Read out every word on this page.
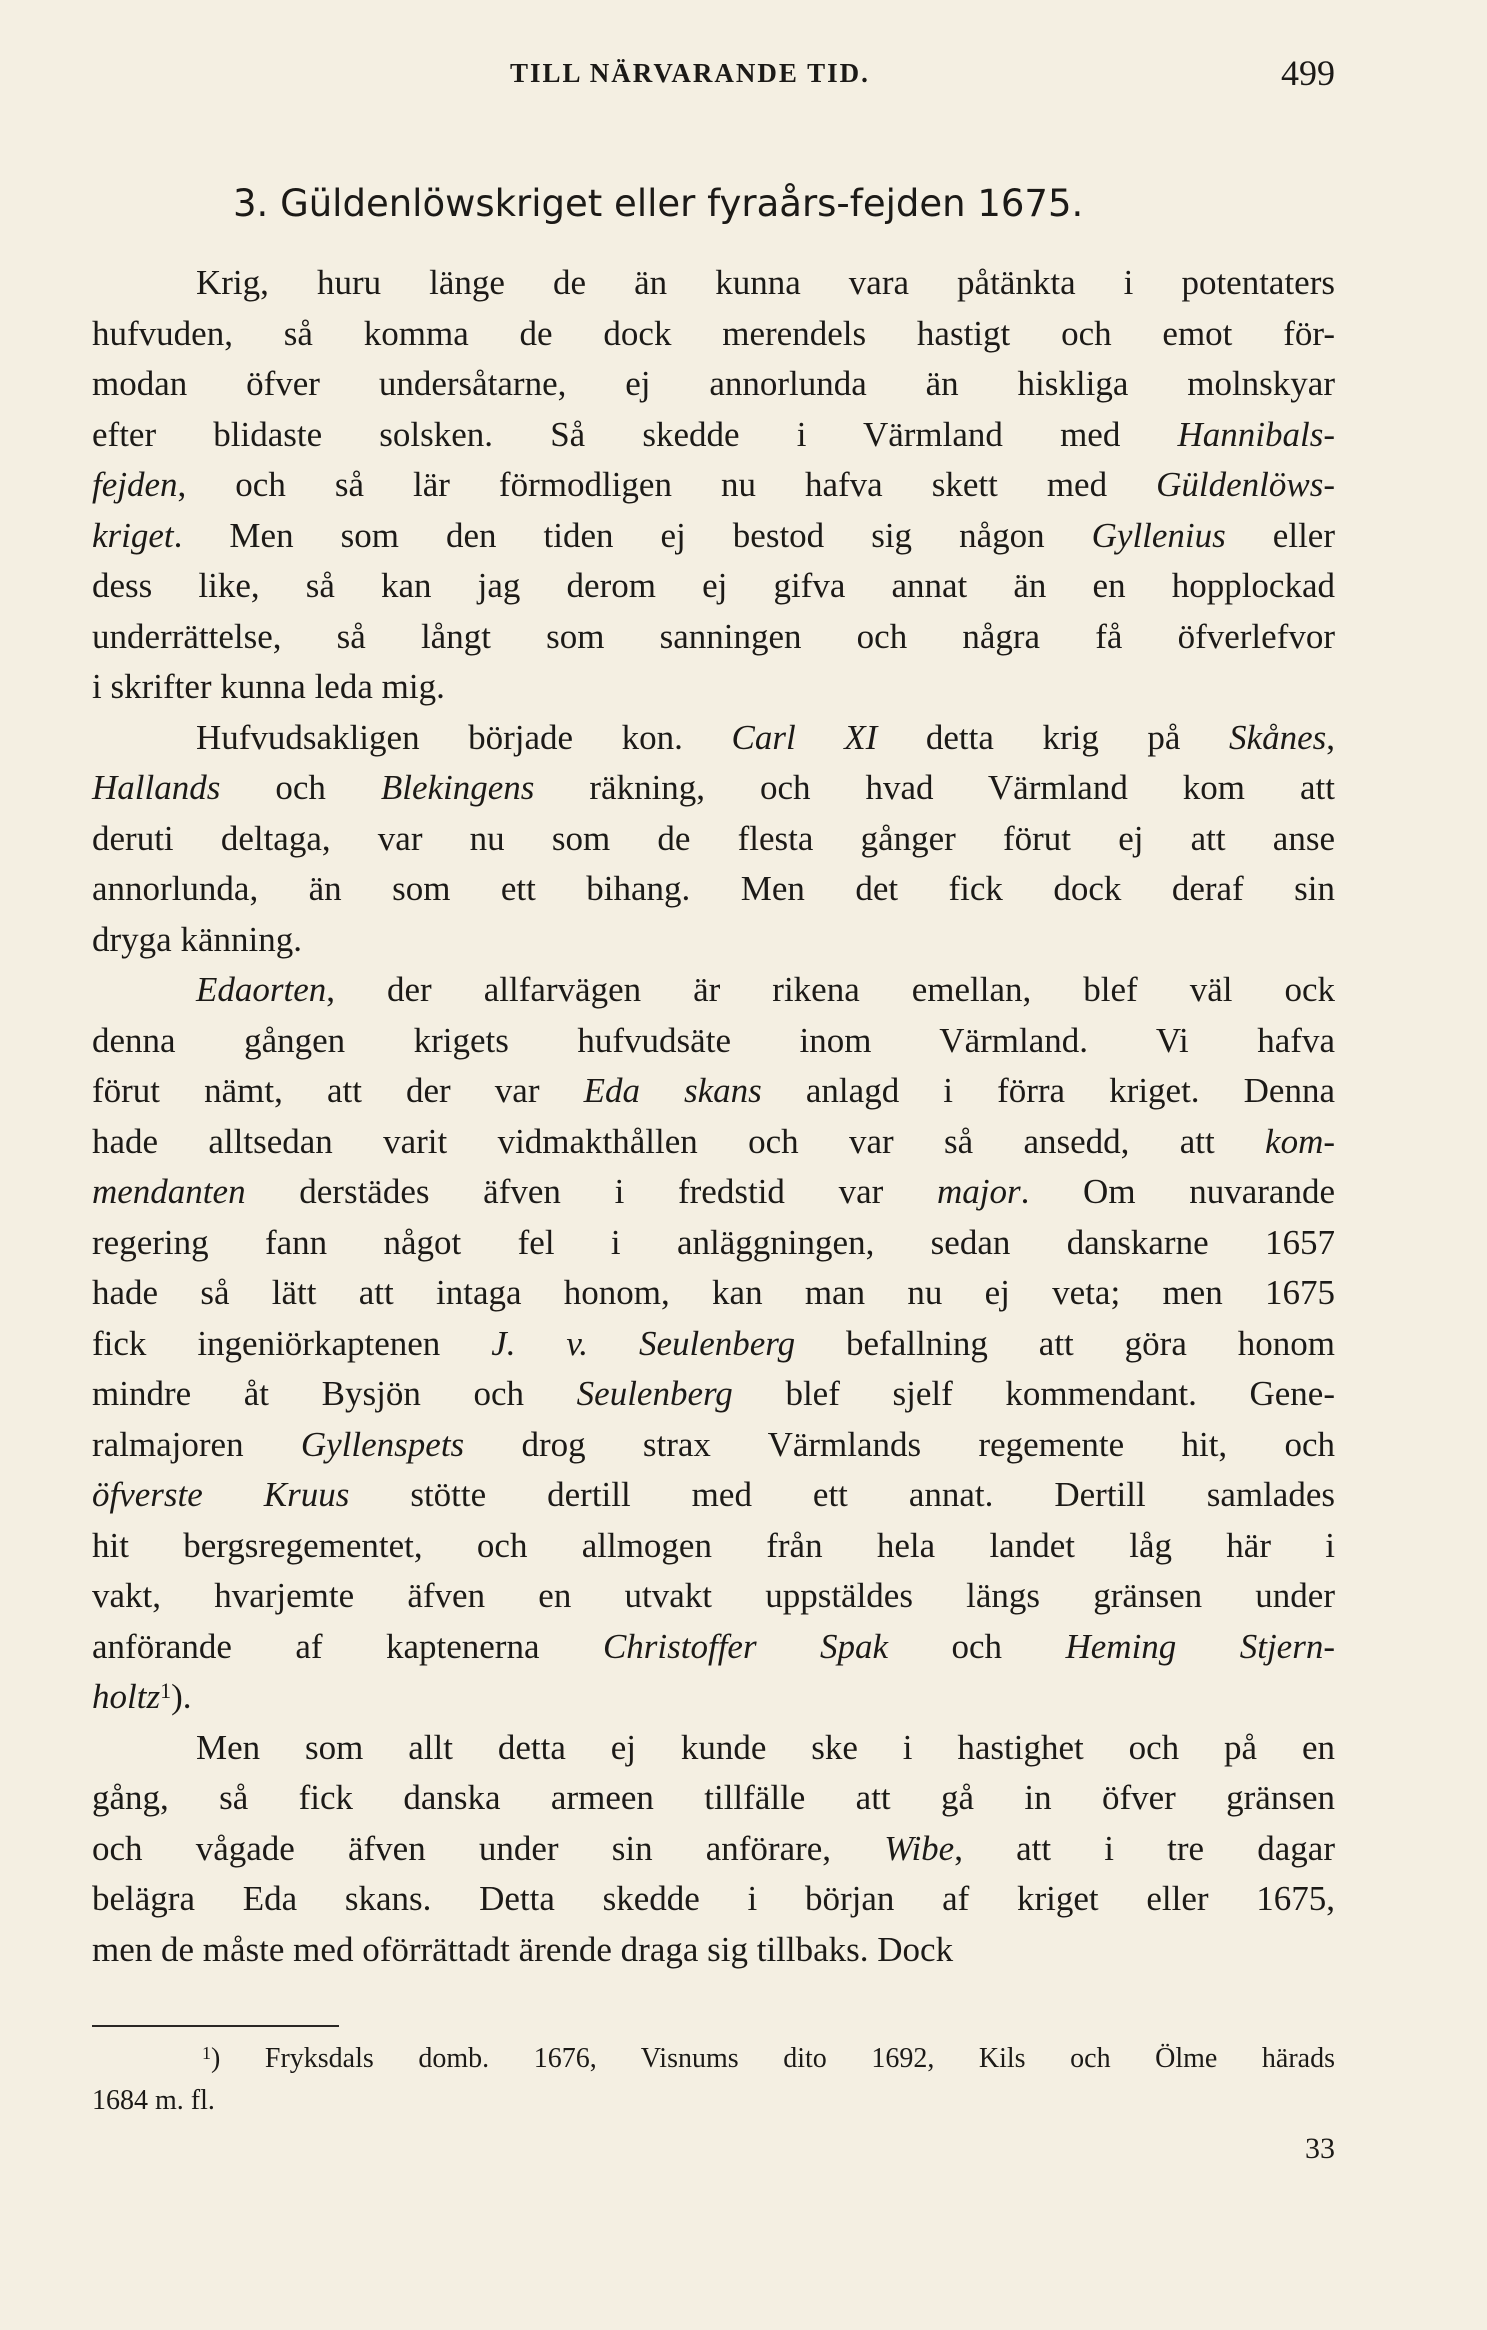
TILL NÄRVARANDE TID.	499
3. Güldenlöwskriget eller fyraårs-fejden 1675.
Krig, huru länge de än kunna vara påtänkta i potentaters
hufvuden, så komma de dock merendels hastigt och emot för-
modan öfver undersåtarne, ej annorlunda än hiskliga molnskyar
efter blidaste solsken. Så skedde i Värmland med Hannibals-
fejden, och så lär förmodligen nu hafva skett med Güldenlöws-
kriget. Men som den tiden ej bestod sig någon Gyllenius eller
dess like, så kan jag derom ej gifva annat än en hopplockad
underrättelse, så långt som sanningen och några få öfverlefvor
i skrifter kunna leda mig.
Hufvudsakligen började kon. Carl XI detta krig på Skånes,
Hallands och Blekingens räkning, och hvad Värmland kom att
deruti deltaga, var nu som de flesta gånger förut ej att anse
annorlunda, än som ett bihang. Men det fick dock deraf sin
dryga känning.
Edaorten, der allfarvägen är rikena emellan, blef väl ock
denna gången krigets hufvudsäte inom Värmland. Vi hafva
förut nämt, att der var Eda skans anlagd i förra kriget. Denna
hade alltsedan varit vidmakthållen och var så ansedd, att kom-
mendanten derstädes äfven i fredstid var major. Om nuvarande
regering fann något fel i anläggningen, sedan danskarne 1657
hade så lätt att intaga honom, kan man nu ej veta; men 1675
fick ingeniörkaptenen J. v. Seulenberg befallning att göra honom
mindre åt Bysjön och Seulenberg blef sjelf kommendant. Gene-
ralmajoren Gyllenspets drog strax Värmlands regemente hit, och
öfverste Kruus stötte dertill med ett annat. Dertill samlades
hit bergsregementet, och allmogen från hela landet låg här i
vakt, hvarjemte äfven en utvakt uppstäldes längs gränsen under
anförande af kaptenerna Christoffer Spak och Heming Stjern-
holtz$^1$).
Men som allt detta ej kunde ske i hastighet och på en
gång, så fick danska armeen tillfälle att gå in öfver gränsen
och vågade äfven under sin anförare, Wibe, att i tre dagar
belägra Eda skans. Detta skedde i början af kriget eller 1675,
men de måste med oförrättadt ärende draga sig tillbaks. Dock
$^1$) Fryksdals domb. 1676, Visnums dito 1692, Kils och Ölme härads
1684 m. fl.
33
